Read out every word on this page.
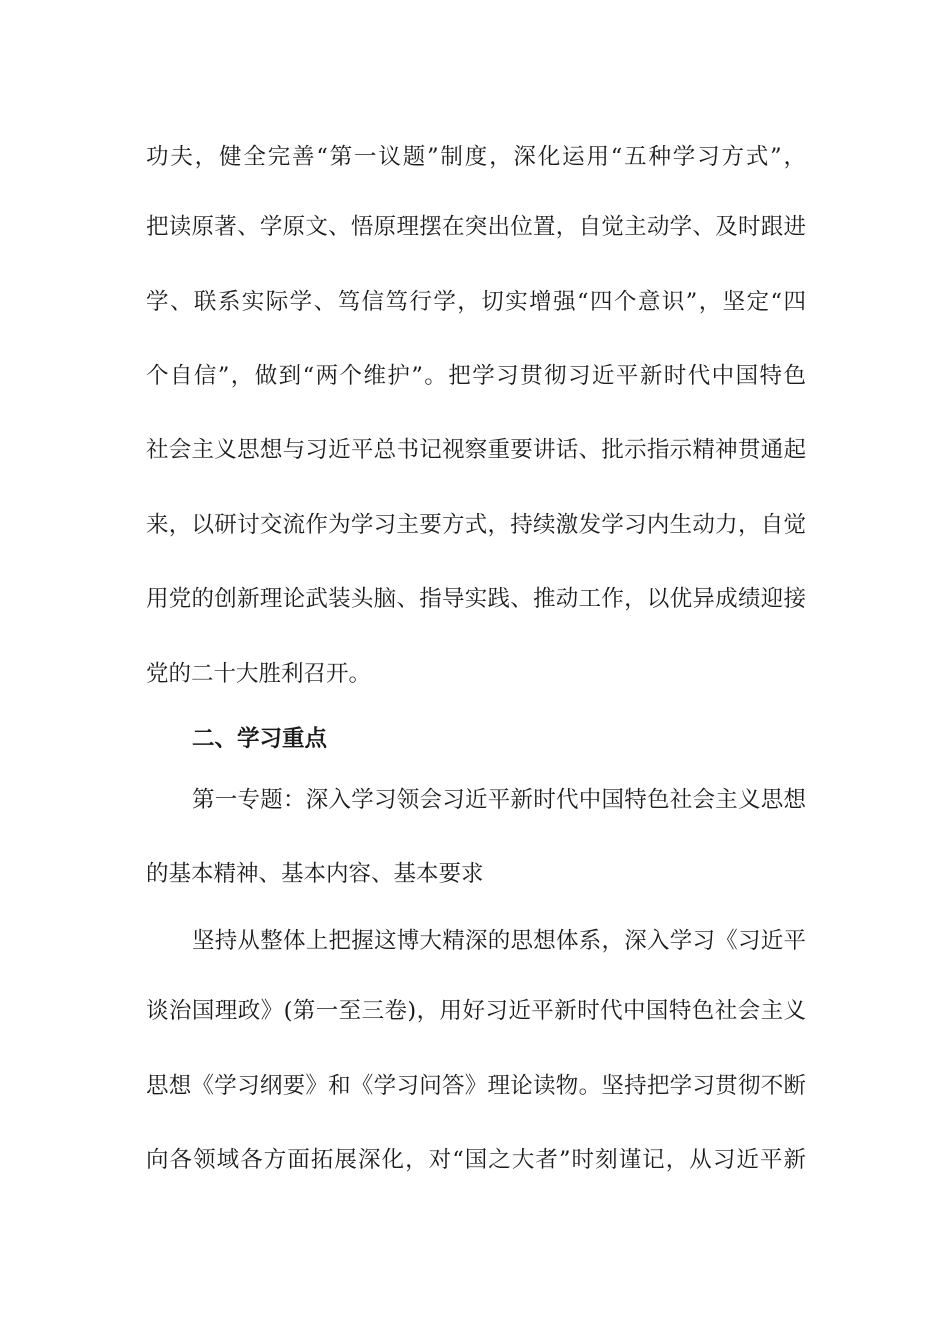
功夫，健全完善“第一议题”制度，深化运用“五种学习方式”，
把读原著、学原文、悟原理摆在突出位置，自觉主动学、及时跟进
学、联系实际学、笃信笃行学，切实增强“四个意识”，坚定“四
个自信”，做到“两个维护”。把学习贯彻习近平新时代中国特色
社会主义思想与习近平总书记视察重要讲话、批示指示精神贯通起
来，以研讨交流作为学习主要方式，持续激发学习内生动力，自觉
用党的创新理论武装头脑、指导实践、推动工作，以优异成绩迎接
党的二十大胜利召开。
二、学习重点
第一专题：深入学习领会习近平新时代中国特色社会主义思想
的基本精神、基本内容、基本要求
坚持从整体上把握这博大精深的思想体系，深入学习《习近平
谈治国理政》(第一至三卷)，用好习近平新时代中国特色社会主义
思想《学习纲要》和《学习问答》理论读物。坚持把学习贯彻不断
向各领域各方面拓展深化，对“国之大者”时刻谨记，从习近平新
